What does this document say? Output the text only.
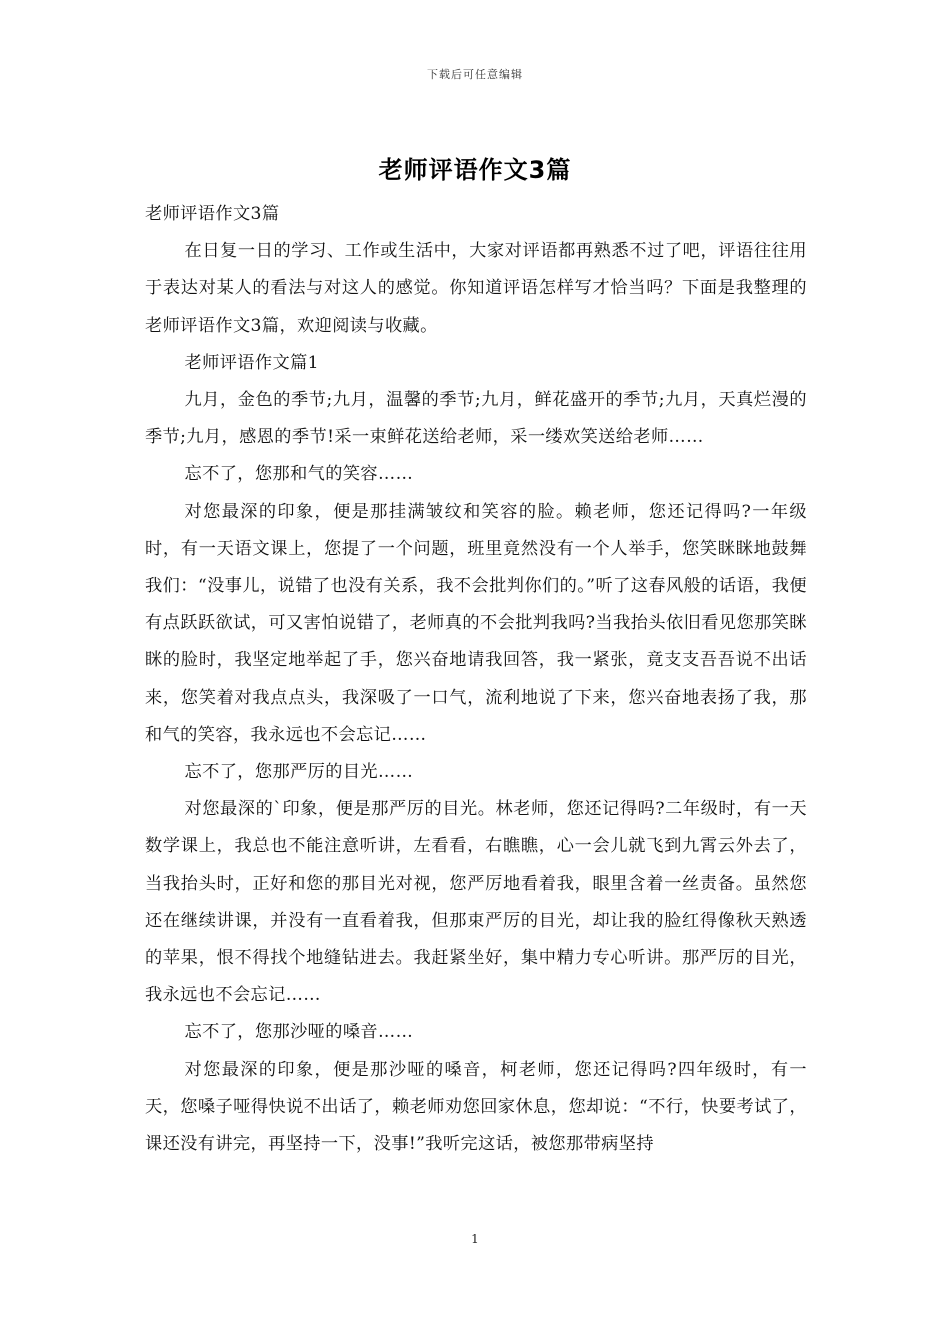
下载后可任意编辑
老师评语作文3篇

老师评语作文3篇

在日复一日的学习、工作或生活中，大家对评语都再熟悉不过了吧，评语往往用于表达对某人的看法与对这人的感觉。你知道评语怎样写才恰当吗？下面是我整理的老师评语作文3篇，欢迎阅读与收藏。

老师评语作文篇1

九月，金色的季节;九月，温馨的季节;九月，鲜花盛开的季节;九月，天真烂漫的季节;九月，感恩的季节!采一束鲜花送给老师，采一缕欢笑送给老师……

忘不了，您那和气的笑容……

对您最深的印象，便是那挂满皱纹和笑容的脸。赖老师，您还记得吗?一年级时，有一天语文课上，您提了一个问题，班里竟然没有一个人举手，您笑眯眯地鼓舞我们：“没事儿，说错了也没有关系，我不会批判你们的。”听了这春风般的话语，我便有点跃跃欲试，可又害怕说错了，老师真的不会批判我吗?当我抬头依旧看见您那笑眯眯的脸时，我坚定地举起了手，您兴奋地请我回答，我一紧张，竟支支吾吾说不出话来，您笑着对我点点头，我深吸了一口气，流利地说了下来，您兴奋地表扬了我，那和气的笑容，我永远也不会忘记……

忘不了，您那严厉的目光……

对您最深的`印象，便是那严厉的目光。林老师，您还记得吗?二年级时，有一天数学课上，我总也不能注意听讲，左看看，右瞧瞧，心一会儿就飞到九霄云外去了，当我抬头时，正好和您的那目光对视，您严厉地看着我，眼里含着一丝责备。虽然您还在继续讲课，并没有一直看着我，但那束严厉的目光，却让我的脸红得像秋天熟透的苹果，恨不得找个地缝钻进去。我赶紧坐好，集中精力专心听讲。那严厉的目光，我永远也不会忘记……

忘不了，您那沙哑的嗓音……

对您最深的印象，便是那沙哑的嗓音，柯老师，您还记得吗?四年级时，有一天，您嗓子哑得快说不出话了，赖老师劝您回家休息，您却说：“不行，快要考试了，课还没有讲完，再坚持一下，没事!”我听完这话，被您那带病坚持

1
